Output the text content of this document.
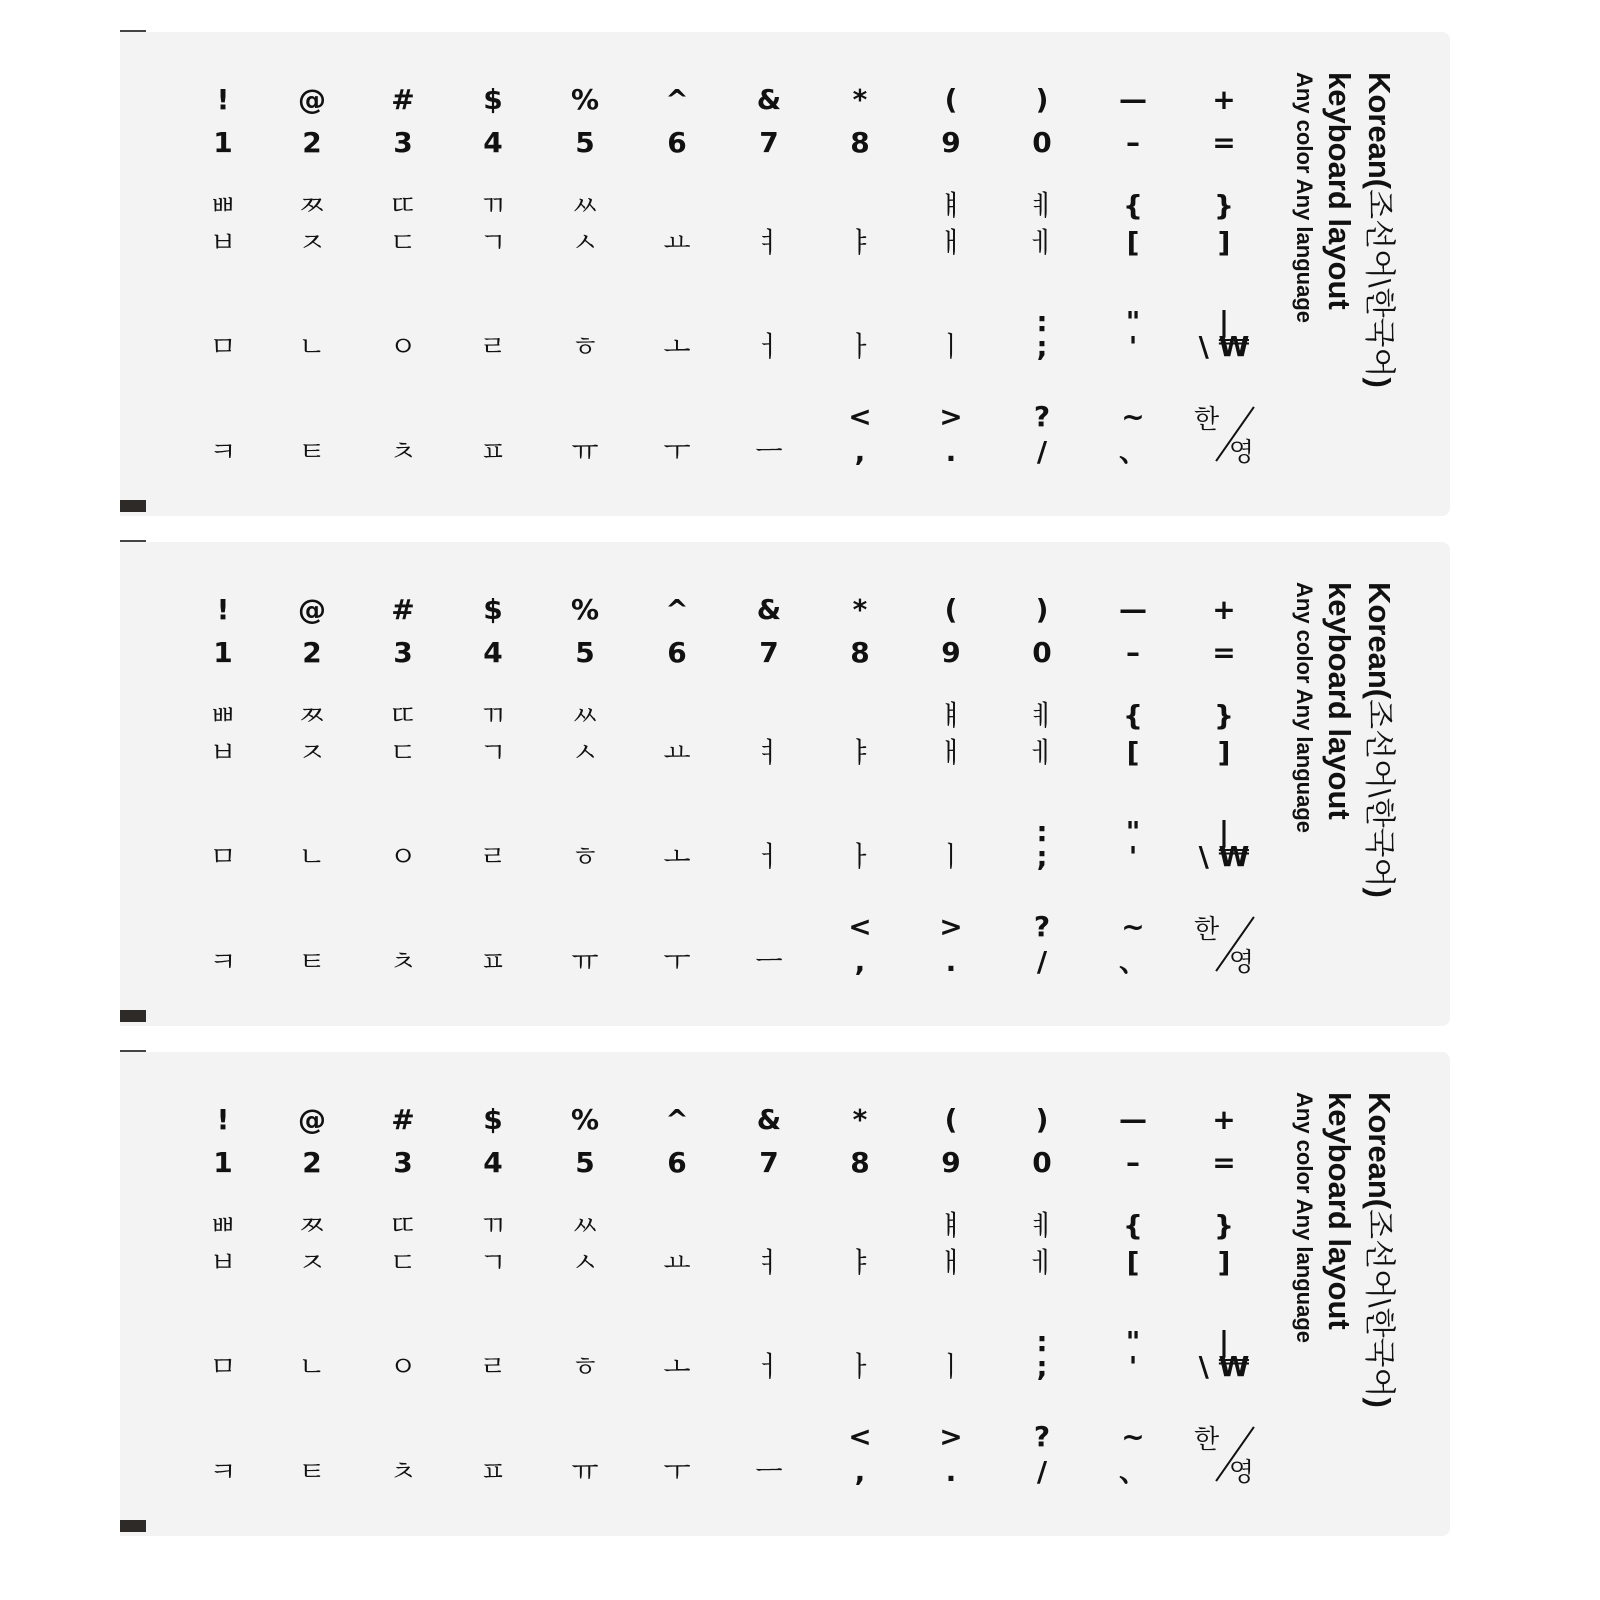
!
1
@
2
#
3
$
4
%
5
^
6
&
7
*
8
(
9
)
0
—
–
+
=
ㅃ
ㅂ
ㅉ
ㅈ
ㄸ
ㄷ
ㄲ
ㄱ
ㅆ
ㅅ ㅛ ㅕ ㅑ
ㅒ
ㅐ
ㅖ
ㅔ
{
[
}
]
ㅁ ㄴ ㅇ ㄹ ㅎ ㅗ ㅓ ㅏ ㅣ
:
;
"
'
|
\ ₩
ㅋ ㅌ ㅊ ㅍ ㅠ ㅜ ㅡ
<
,
>
.
?
/
~
、
한
영
Korean(조선어\한국어)
keyboard layout
Any color Any language
!
1
@
2
#
3
$
4
%
5
^
6
&
7
*
8
(
9
)
0
—
–
+
=
ㅃ
ㅂ
ㅉ
ㅈ
ㄸ
ㄷ
ㄲ
ㄱ
ㅆ
ㅅ ㅛ ㅕ ㅑ
ㅒ
ㅐ
ㅖ
ㅔ
{
[
}
]
ㅁ ㄴ ㅇ ㄹ ㅎ ㅗ ㅓ ㅏ ㅣ
:
;
"
'
|
\ ₩
ㅋ ㅌ ㅊ ㅍ ㅠ ㅜ ㅡ
<
,
>
.
?
/
~
、
한
영
Korean(조선어\한국어)
keyboard layout
Any color Any language
!
1
@
2
#
3
$
4
%
5
^
6
&
7
*
8
(
9
)
0
—
–
+
=
ㅃ
ㅂ
ㅉ
ㅈ
ㄸ
ㄷ
ㄲ
ㄱ
ㅆ
ㅅ ㅛ ㅕ ㅑ
ㅒ
ㅐ
ㅖ
ㅔ
{
[
}
]
ㅁ ㄴ ㅇ ㄹ ㅎ ㅗ ㅓ ㅏ ㅣ
:
;
"
'
|
\ ₩
ㅋ ㅌ ㅊ ㅍ ㅠ ㅜ ㅡ
<
,
>
.
?
/
~
、
한
영
Korean(조선어\한국어)
keyboard layout
Any color Any language
